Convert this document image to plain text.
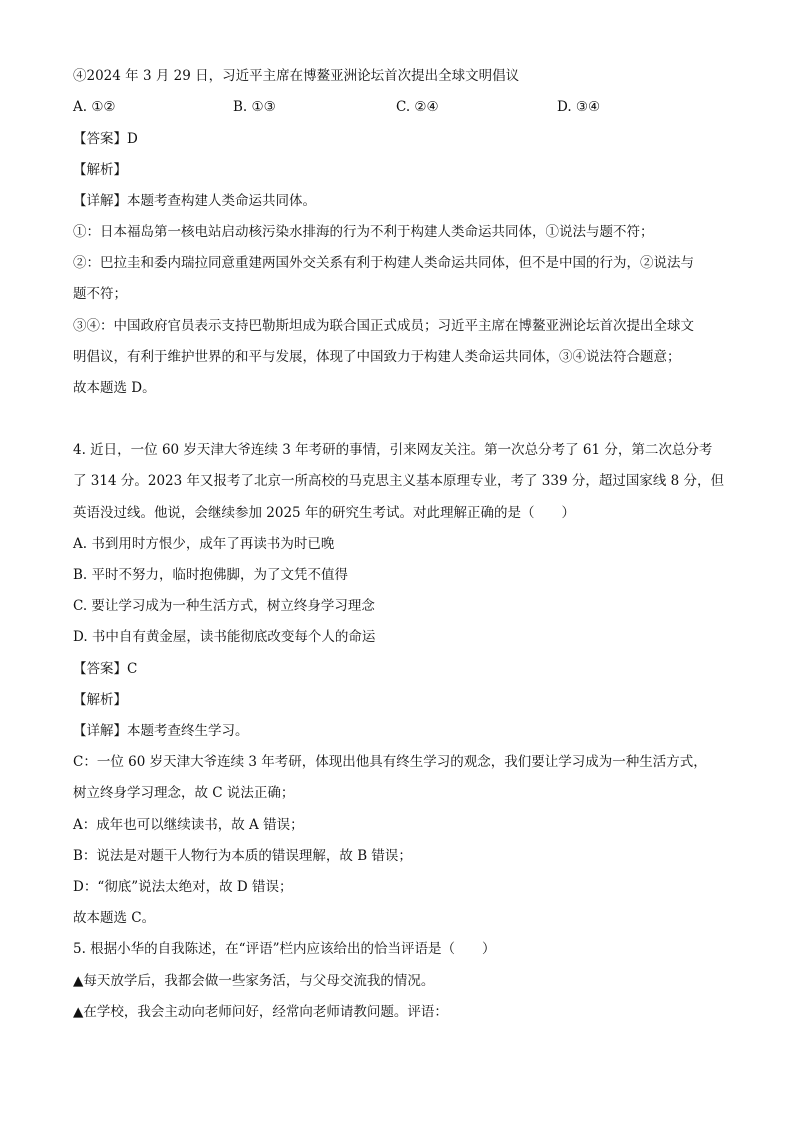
④2024 年 3 月 29 日，习近平主席在博鳌亚洲论坛首次提出全球文明倡议
A. ①②	B. ①③	C. ②④	D. ③④
【答案】D
【解析】
【详解】本题考查构建人类命运共同体。
①：日本福岛第一核电站启动核污染水排海的行为不利于构建人类命运共同体，①说法与题不符；
②：巴拉圭和委内瑞拉同意重建两国外交关系有利于构建人类命运共同体，但不是中国的行为，②说法与
题不符；
③④：中国政府官员表示支持巴勒斯坦成为联合国正式成员；习近平主席在博鳌亚洲论坛首次提出全球文
明倡议，有利于维护世界的和平与发展，体现了中国致力于构建人类命运共同体，③④说法符合题意；
故本题选 D。
4. 近日，一位 60 岁天津大爷连续 3 年考研的事情，引来网友关注。第一次总分考了 61 分，第二次总分考
了 314 分。2023 年又报考了北京一所高校的马克思主义基本原理专业，考了 339 分，超过国家线 8 分，但
英语没过线。他说，会继续参加 2025 年的研究生考试。对此理解正确的是（　　）
A. 书到用时方恨少，成年了再读书为时已晚
B. 平时不努力，临时抱佛脚，为了文凭不值得
C. 要让学习成为一种生活方式，树立终身学习理念
D. 书中自有黄金屋，读书能彻底改变每个人的命运
【答案】C
【解析】
【详解】本题考查终生学习。
C：一位 60 岁天津大爷连续 3 年考研，体现出他具有终生学习的观念，我们要让学习成为一种生活方式，
树立终身学习理念，故 C 说法正确；
A：成年也可以继续读书，故 A 错误；
B：说法是对题干人物行为本质的错误理解，故 B 错误；
D：“彻底”说法太绝对，故 D 错误；
故本题选 C。
5. 根据小华的自我陈述，在“评语”栏内应该给出的恰当评语是（　　）
▲每天放学后，我都会做一些家务活，与父母交流我的情况。
▲在学校，我会主动向老师问好，经常向老师请教问题。评语：
